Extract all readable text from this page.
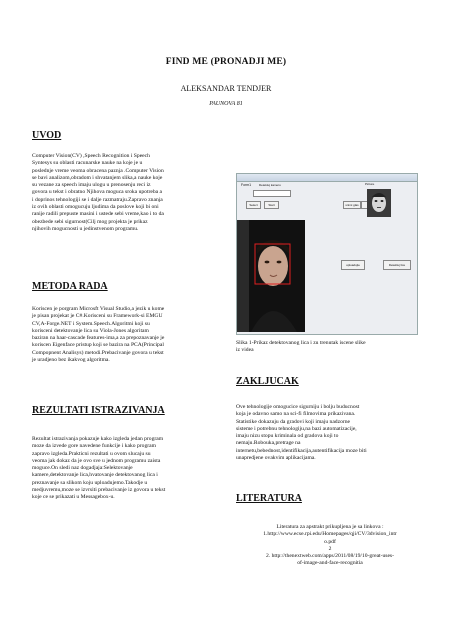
FIND ME (PRONADJI ME)
ALEKSANDAR TENDJER
PAUNOVA 81
UVOD
Computer Vision(CV) ,Speech Recognition i Speech
Syntesys su oblasti racunarske nauke na koje je u
poslednje vreme veoma obracena paznja .Computer Vision
se bavi analizom,obradom i shvatanjem slika,a nauke koje
su vezane za speech imaju ulogu u prenosenju reci iz
govora u tekst i obratno Njihova moguca sroka upotreba a
i doprinos tehnologiji se i dalje razmatraju.Zapravo znanja
iz ovih oblasti omogucuju ljudima da poslove koji bi oni
ranije radili prepuste masini i ustede sebi vreme,kao i to da
obezbede sebi sigurnost(Cilj mog projekta je prikaz
njihovih mogucnosti u jedinstvenom programu.
METODA RADA
Koriscen je porgram Microsft Visual Studio,a jezik u kome
je pisan projekat je C#.Korisceni su Framework-si EMGU
CV,A-Forge.NET i System.Speech.Algoritmi koji su
korisceni detektovanje lica su Viola-Jones algoritam
baziran na haar-cascade features-ima,a za prepoznavanje je
koriscen Eigenface pristup koji se bazira na PCA(Principal
Compopnent Analisys) metodi.Prebacivanje govora u tekst
je uradjeno bez ikakvog algoritma.
REZULTATI ISTRAZIVANJA
Rezultat istrazivanja pokazuje kako izgleda jedan program
moze da izvede gore navedene funkcije i kako program
zapravo izgleda.Prakticni rezultati u ovom slucaju su
veoma jak dokaz da je ovo sve u jednom programu zaista
moguce.On sledi naz dogadjaja:Selektovanje
kamere,detektovanje lica,hvatovanje detektovanog lica i
preznavanje sa slikom koju uploadujemo.Takodje u
medjuvremu,moze se izvrsiti prebacivanje iz govora u tekst
koje ce se prikazati u Messagebox-u.
Form1	Detektuj kameru
Select	Start	snimi glas
Picture
uploadujte	Detektuj lice
Slika 1-Prikaz detektovanog lica i zu trenutak iscene slike
iz videa
ZAKLJUCAK
Ove tehnologije omogucice sigurniju i bolju buducnost
koja je odavno samo na sci-fi filmovima prikazivana.
Statistike dokazuju da gradovi koji imaju nadzorne
sisteme i potrebnu tehnologiju,na bazi automatizacije,
imaju nizu stopu kriminala od gradova koji to
nemaju.Robouka,pretrage na
internetu,bebednost,identifikacija,autentifikacija moze biti
unapredjene ovakvim aplikacijama.
LITERATURA
Literatura za apstrakt prikupljena je sa linkova :
1.http://www.ecse.rpi.edu/Homepages/qji/CV/3dvision_intr
o.pdf
2
2. http://thenextweb.com/apps/2011/08/19/10-great-uses-
of-image-and-face-recognitia
